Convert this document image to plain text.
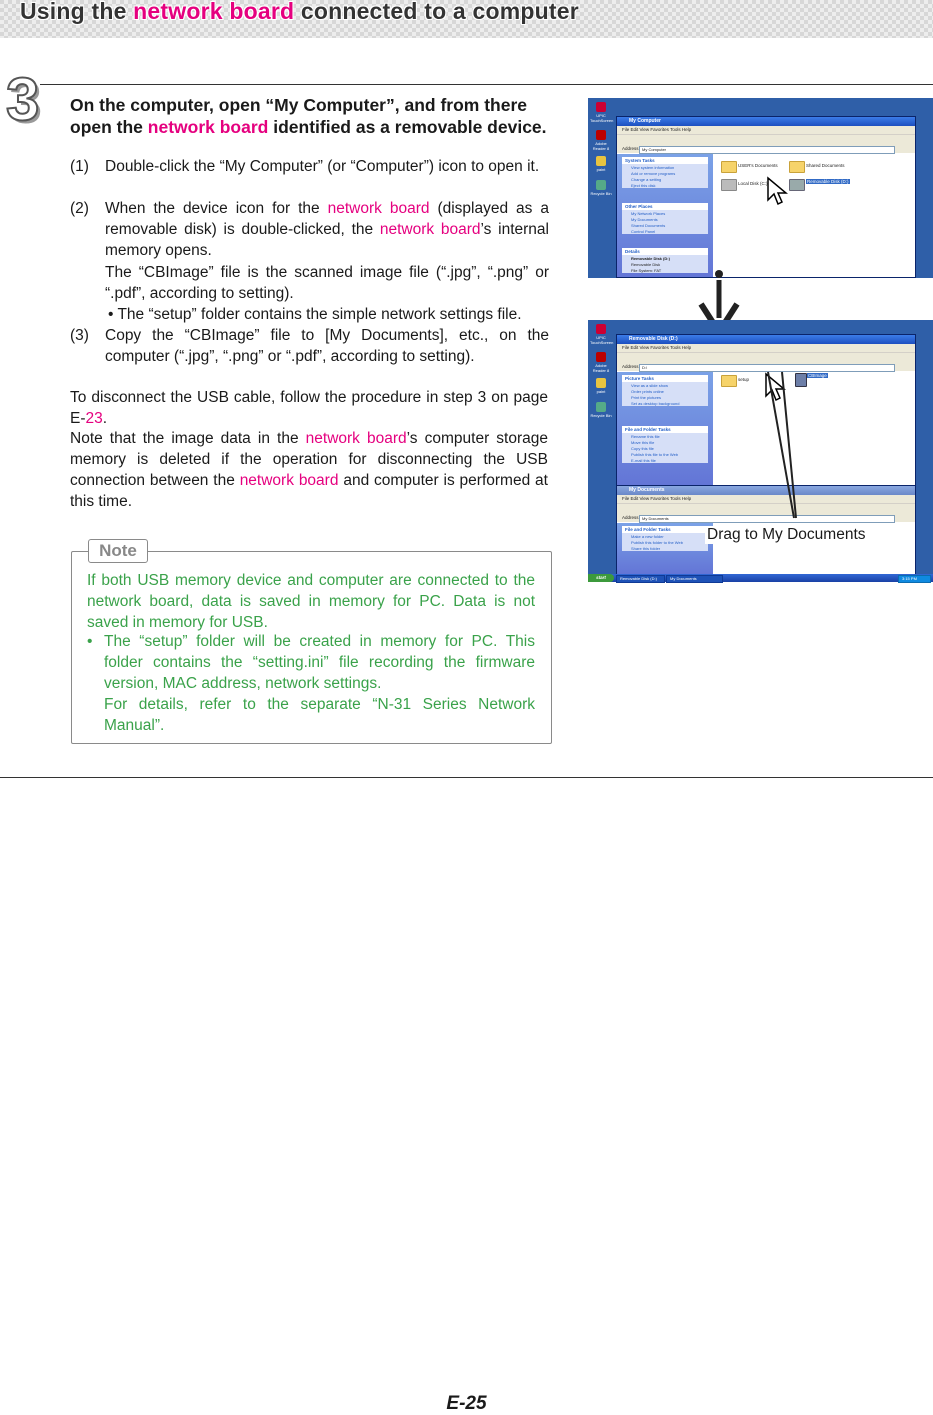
Using the network board connected to a computer
3 On the computer, open “My Computer”, and from there open the network board identified as a removable device.
(1) Double-click the “My Computer” (or “Computer”) icon to open it.
(2) When the device icon for the network board (displayed as a removable disk) is double-clicked, the network board’s internal memory opens.
The “CBImage” file is the scanned image file (“.jpg”, “.png” or “.pdf”, according to setting).
• The “setup” folder contains the simple network settings file.
(3) Copy the “CBImage” file to [My Documents], etc., on the computer (“.jpg”, “.png” or “.pdf”, according to setting).
To disconnect the USB cable, follow the procedure in step 3 on page E-23.
Note that the image data in the network board’s computer storage memory is deleted if the operation for disconnecting the USB connection between the network board and computer is performed at this time.
Note
If both USB memory device and computer are connected to the network board, data is saved in memory for PC. Data is not saved in memory for USB.
• The “setup” folder will be created in memory for PC. This folder contains the “setting.ini” file recording the firmware version, MAC address, network settings.
For details, refer to the separate “N-31 Series Network Manual”.
UPIC TouchScreen
Adobe Reader 8
paint
Recycle Bin
My Computer
File Edit View Favorites Tools Help
Address My Computer
System Tasks
View system information
Add or remove programs
Change a setting
Eject this disk
Other Places
My Network Places
My Documents
Shared Documents
Control Panel
Details
Removable Disk (D:)
Removable Disk
File System: FAT
USER's Documents	Shared Documents
Local Disk (C:)	Removable Disk (D:)
UPIC TouchScreen
Adobe Reader 8
paint
Recycle Bin
Removable Disk (D:)
File Edit View Favorites Tools Help
Address D:\
Picture Tasks
View as a slide show
Order prints online
Print the pictures
Set as desktop background
File and Folder Tasks
Rename this file
Move this file
Copy this file
Publish this file to the Web
E-mail this file
setup
CBImage
My Documents
File Edit View Favorites Tools Help
Address My Documents
File and Folder Tasks
Make a new folder
Publish this folder to the Web
Share this folder
start	Removable Disk (D:)	My Documents	3:15 PM
Drag to My Documents
E-25
